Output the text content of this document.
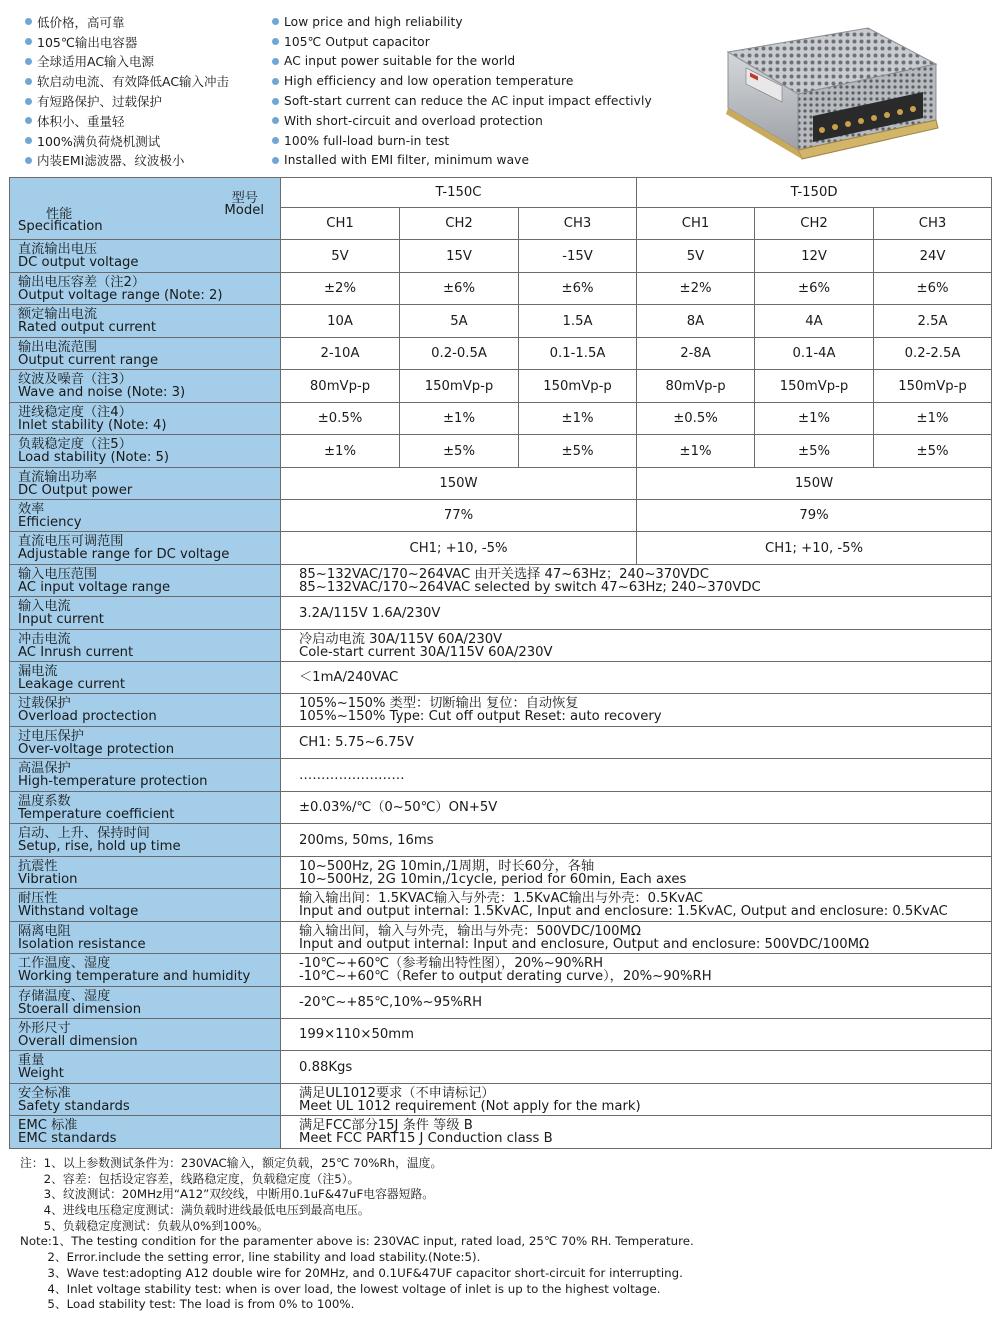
低价格，高可靠
105℃输出电容器
全球适用AC输入电源
软启动电流、有效降低AC输入冲击
有短路保护、过载保护
体积小、重量轻
100%满负荷烧机测试
内装EMI滤波器、纹波极小
Low price and high reliability
105℃ Output capacitor
AC input power suitable for the world
High efficiency and low operation temperature
Soft-start current can reduce the AC input impact effectivly
With short-circuit and overload protection
100% full-load burn-in test
Installed with EMI filter, minimum wave
型号
Model
性能
Specification	T-150C			T-150D		
	CH1	CH2	CH3	CH1	CH2	CH3

直流输出电压
DC output voltage	5V	15V	-15V	5V	12V	24V

输出电压容差（注2）
Output voltage range (Note: 2)	±2%	±6%	±6%	±2%	±6%	±6%

额定输出电流
Rated output current	10A	5A	1.5A	8A	4A	2.5A

输出电流范围
Output current range	2-10A	0.2-0.5A	0.1-1.5A	2-8A	0.1-4A	0.2-2.5A

纹波及噪音（注3）
Wave and noise (Note: 3)	80mVp-p	150mVp-p	150mVp-p	80mVp-p	150mVp-p	150mVp-p

进线稳定度（注4）
Inlet stability (Note: 4)	±0.5%	±1%	±1%	±0.5%	±1%	±1%

负载稳定度（注5）
Load stability (Note: 5)	±1%	±5%	±5%	±1%	±5%	±5%

直流输出功率
DC Output power	150W			150W		

效率
Efficiency	77%			79%		

直流电压可调范围
Adjustable range for DC voltage	CH1; +10, -5%			CH1; +10, -5%		

输入电压范围
AC input voltage range	85~132VAC/170~264VAC 由开关选择 47~63Hz；240~370VDC
85~132VAC/170~264VAC selected by switch 47~63Hz; 240~370VDC					

输入电流
Input current	3.2A/115V 1.6A/230V					

冲击电流
AC Inrush current	冷启动电流 30A/115V 60A/230V
Cole-start current 30A/115V 60A/230V					

漏电流
Leakage current	＜1mA/240VAC					

过载保护
Overload proctection	105%~150% 类型：切断输出 复位：自动恢复
105%~150% Type: Cut off output Reset: auto recovery					

过电压保护
Over-voltage protection	CH1: 5.75~6.75V					

高温保护
High-temperature protection	……………………					

温度系数
Temperature coefficient	±0.03%/℃（0~50℃）ON+5V					

启动、上升、保持时间
Setup, rise, hold up time	200ms, 50ms, 16ms					

抗震性
Vibration	10~500Hz, 2G 10min,/1周期，时长60分，各轴
10~500Hz, 2G 10min,/1cycle, period for 60min, Each axes					

耐压性
Withstand voltage	输入输出间：1.5KVAC输入与外壳：1.5KvAC输出与外壳：0.5KvAC
Input and output internal: 1.5KvAC, Input and enclosure: 1.5KvAC, Output and enclosure: 0.5KvAC					

隔离电阻
Isolation resistance	输入输出间，输入与外壳，输出与外壳：500VDC/100MΩ
Input and output internal: Input and enclosure, Output and enclosure: 500VDC/100MΩ					

工作温度、湿度
Working temperature and humidity	-10℃~+60℃（参考输出特性图），20%~90%RH
-10℃~+60℃（Refer to output derating curve），20%~90%RH					

存储温度、湿度
Stoerall dimension	-20℃~+85℃,10%~95%RH					

外形尺寸
Overall dimension	199×110×50mm					

重量
Weight	0.88Kgs					

安全标准
Safety standards	满足UL1012要求（不申请标记）
Meet UL 1012 requirement (Not apply for the mark)					

EMC 标准
EMC standards	满足FCC部分15J 条件 等级 B
Meet FCC PART15 J Conduction class B					
注：1、以上参数测试条件为：230VAC输入，额定负载，25℃ 70%Rh，温度。
　　2、容差：包括设定容差，线路稳定度，负载稳定度（注5）。
　　3、纹波测试：20MHz用“A12”双绞线，中断用0.1uF&47uF电容器短路。
　　4、进线电压稳定度测试：满负载时进线最低电压到最高电压。
　　5、负载稳定度测试：负载从0%到100%。
Note:1、The testing condition for the paramenter above is: 230VAC input, rated load, 25℃ 70% RH. Temperature.
　　 2、Error.include the setting error, line stability and load stability.(Note:5).
　　 3、Wave test:adopting A12 double wire for 20MHz, and 0.1UF&47UF capacitor short-circuit for interrupting.
　　 4、Inlet voltage stability test: when is over load, the lowest voltage of inlet is up to the highest voltage.
　　 5、Load stability test: The load is from 0% to 100%.
